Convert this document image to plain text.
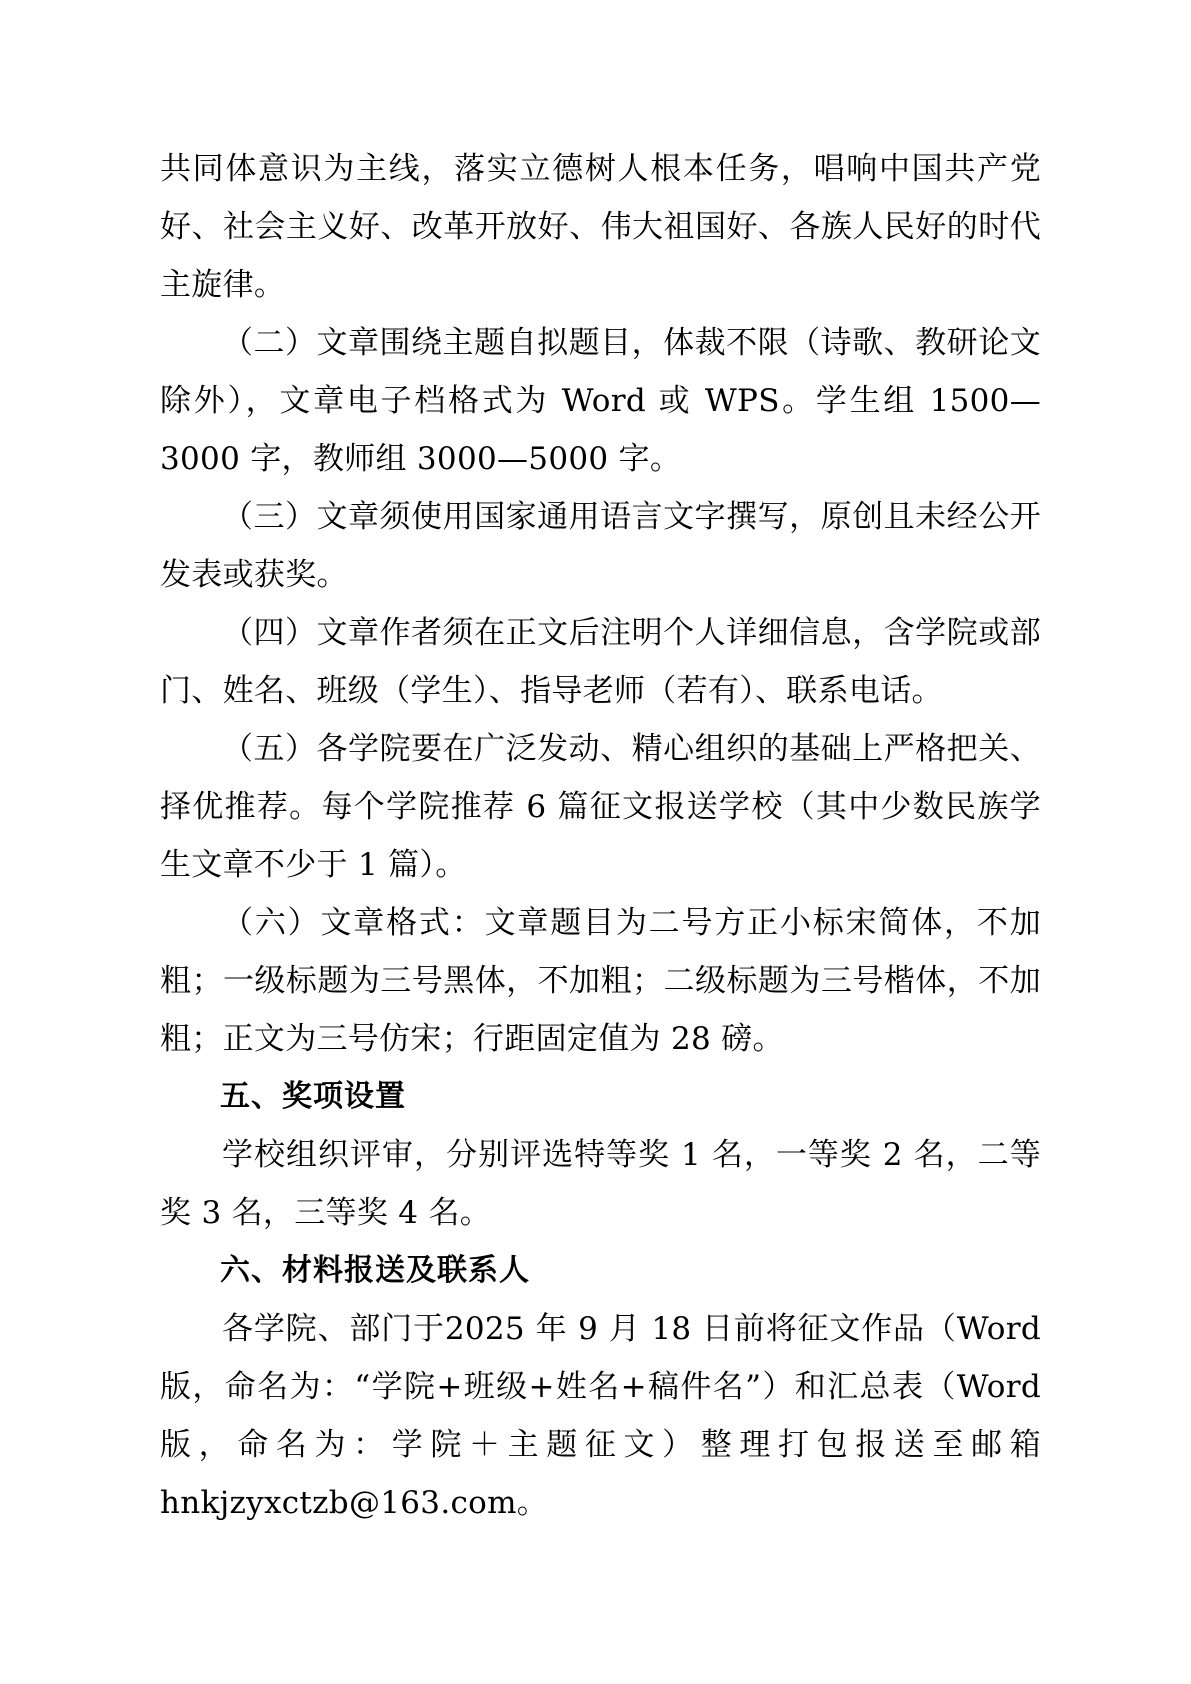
共同体意识为主线，落实立德树人根本任务，唱响中国共产党好、社会主义好、改革开放好、伟大祖国好、各族人民好的时代主旋律。

（二）文章围绕主题自拟题目，体裁不限（诗歌、教研论文除外），文章电子档格式为 Word 或 WPS。学生组 1500—3000 字，教师组 3000—5000 字。

（三）文章须使用国家通用语言文字撰写，原创且未经公开发表或获奖。

（四）文章作者须在正文后注明个人详细信息，含学院或部门、姓名、班级（学生）、指导老师（若有）、联系电话。

（五）各学院要在广泛发动、精心组织的基础上严格把关、择优推荐。每个学院推荐 6 篇征文报送学校（其中少数民族学生文章不少于 1 篇）。

（六）文章格式：文章题目为二号方正小标宋简体，不加粗；一级标题为三号黑体，不加粗；二级标题为三号楷体，不加粗；正文为三号仿宋；行距固定值为 28 磅。

五、奖项设置

学校组织评审，分别评选特等奖 1 名，一等奖 2 名，二等奖 3 名，三等奖 4 名。

六、材料报送及联系人

各学院、部门于2025 年 9 月 18 日前将征文作品（Word 版，命名为：“学院+班级+姓名+稿件名”）和汇总表（Word 版，命名为：学院＋主题征文）整理打包报送至邮箱 hnkjzyxctzb@163.com。
